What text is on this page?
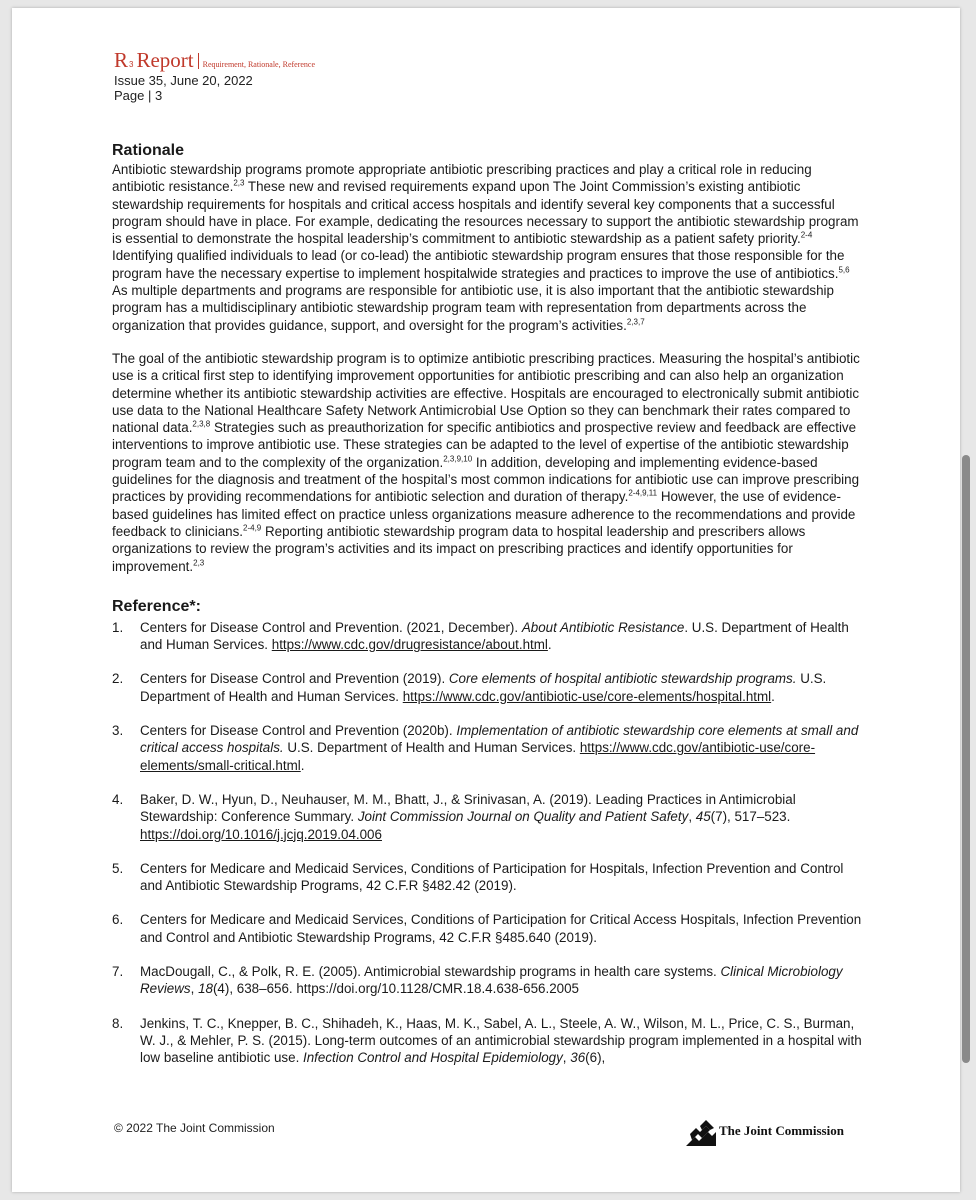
R 3 Report Requirement, Rationale, Reference
Issue 35, June 20, 2022
Page | 3
Rationale

Antibiotic stewardship programs promote appropriate antibiotic prescribing practices and play a critical role in reducing antibiotic resistance.$^{2,3}$ These new and revised requirements expand upon The Joint Commission’s existing antibiotic stewardship requirements for hospitals and critical access hospitals and identify several key components that a successful program should have in place. For example, dedicating the resources necessary to support the antibiotic stewardship program is essential to demonstrate the hospital leadership’s commitment to antibiotic stewardship as a patient safety priority.$^{2-4}$ Identifying qualified individuals to lead (or co-lead) the antibiotic stewardship program ensures that those responsible for the program have the necessary expertise to implement hospitalwide strategies and practices to improve the use of antibiotics.$^{5,6}$ As multiple departments and programs are responsible for antibiotic use, it is also important that the antibiotic stewardship program has a multidisciplinary antibiotic stewardship program team with representation from departments across the organization that provides guidance, support, and oversight for the program’s activities.$^{2,3,7}$

The goal of the antibiotic stewardship program is to optimize antibiotic prescribing practices. Measuring the hospital’s antibiotic use is a critical first step to identifying improvement opportunities for antibiotic prescribing and can also help an organization determine whether its antibiotic stewardship activities are effective. Hospitals are encouraged to electronically submit antibiotic use data to the National Healthcare Safety Network Antimicrobial Use Option so they can benchmark their rates compared to national data.$^{2,3,8}$ Strategies such as preauthorization for specific antibiotics and prospective review and feedback are effective interventions to improve antibiotic use. These strategies can be adapted to the level of expertise of the antibiotic stewardship program team and to the complexity of the organization.$^{2,3,9,10}$ In addition, developing and implementing evidence-based guidelines for the diagnosis and treatment of the hospital’s most common indications for antibiotic use can improve prescribing practices by providing recommendations for antibiotic selection and duration of therapy.$^{2-4,9,11}$ However, the use of evidence-based guidelines has limited effect on practice unless organizations measure adherence to the recommendations and provide feedback to clinicians.$^{2-4,9}$ Reporting antibiotic stewardship program data to hospital leadership and prescribers allows organizations to review the program’s activities and its impact on prescribing practices and identify opportunities for improvement.$^{2,3}$

Reference*:
1.	Centers for Disease Control and Prevention. (2021, December). About Antibiotic Resistance. U.S. Department of Health and Human Services. https://www.cdc.gov/drugresistance/about.html.
2.	Centers for Disease Control and Prevention (2019). Core elements of hospital antibiotic stewardship programs. U.S. Department of Health and Human Services. https://www.cdc.gov/antibiotic-use/core-elements/hospital.html.
3.	Centers for Disease Control and Prevention (2020b). Implementation of antibiotic stewardship core elements at small and critical access hospitals. U.S. Department of Health and Human Services. https://www.cdc.gov/antibiotic-use/core-elements/small-critical.html.
4.	Baker, D. W., Hyun, D., Neuhauser, M. M., Bhatt, J., & Srinivasan, A. (2019). Leading Practices in Antimicrobial Stewardship: Conference Summary. Joint Commission Journal on Quality and Patient Safety, 45(7), 517–523. https://doi.org/10.1016/j.jcjq.2019.04.006
5.	Centers for Medicare and Medicaid Services, Conditions of Participation for Hospitals, Infection Prevention and Control and Antibiotic Stewardship Programs, 42 C.F.R §482.42 (2019).
6.	Centers for Medicare and Medicaid Services, Conditions of Participation for Critical Access Hospitals, Infection Prevention and Control and Antibiotic Stewardship Programs, 42 C.F.R §485.640 (2019).
7.	MacDougall, C., & Polk, R. E. (2005). Antimicrobial stewardship programs in health care systems. Clinical Microbiology Reviews, 18(4), 638–656. https://doi.org/10.1128/CMR.18.4.638-656.2005
8.	Jenkins, T. C., Knepper, B. C., Shihadeh, K., Haas, M. K., Sabel, A. L., Steele, A. W., Wilson, M. L., Price, C. S., Burman, W. J., & Mehler, P. S. (2015). Long-term outcomes of an antimicrobial stewardship program implemented in a hospital with low baseline antibiotic use. Infection Control and Hospital Epidemiology, 36(6),
© 2022 The Joint Commission	The Joint Commission
